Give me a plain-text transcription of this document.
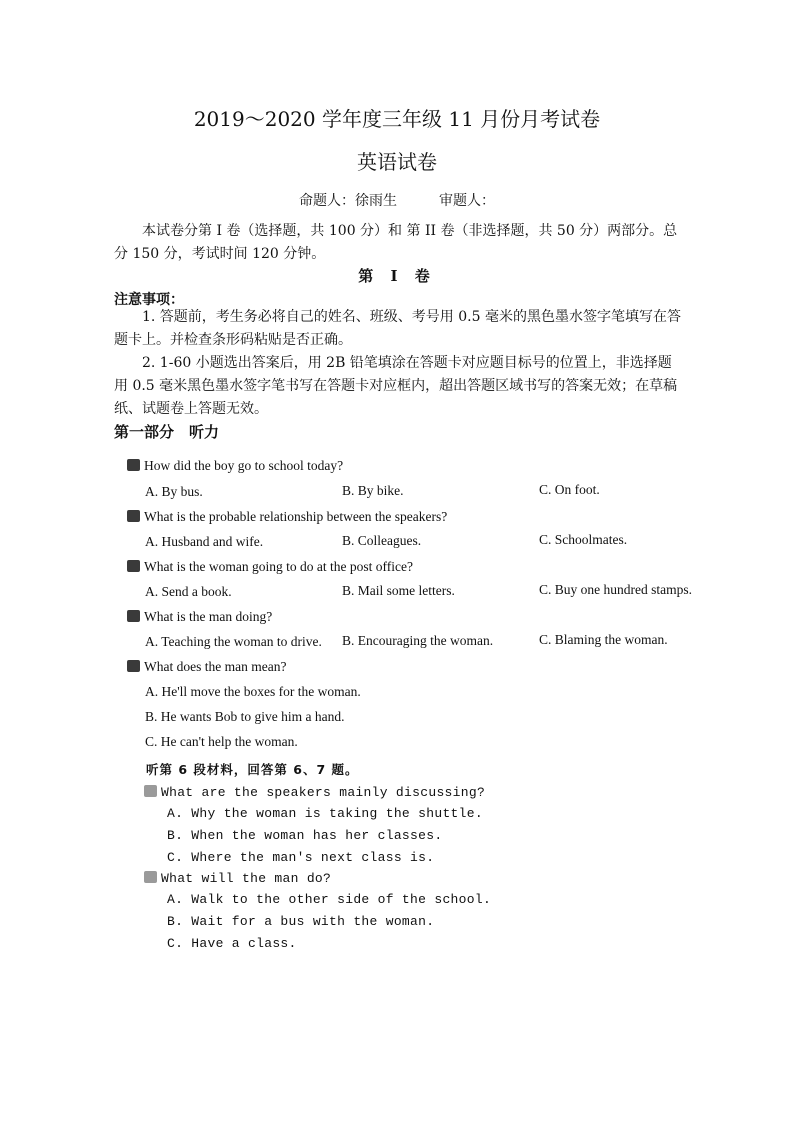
2019～2020 学年度三年级 11 月份月考试卷
英语试卷
命题人：徐雨生	审题人：
本试卷分第 I 卷（选择题，共 100 分）和 第 II 卷（非选择题，共 50 分）两部分。总分 150 分，考试时间 120 分钟。
第 I 卷
注意事项：
1. 答题前，考生务必将自己的姓名、班级、考号用 0.5 毫米的黑色墨水签字笔填写在答题卡上。并检查条形码粘贴是否正确。
2. 1-60 小题选出答案后，用 2B 铅笔填涂在答题卡对应题目标号的位置上，非选择题用 0.5 毫米黑色墨水签字笔书写在答题卡对应框内，超出答题区域书写的答案无效；在草稿纸、试题卷上答题无效。
第一部分　听力
How did the boy go to school today?
A. By bus.	B. By bike.	C. On foot.
What is the probable relationship between the speakers?
A. Husband and wife.	B. Colleagues.	C. Schoolmates.
What is the woman going to do at the post office?
A. Send a book.	B. Mail some letters.	C. Buy one hundred stamps.
What is the man doing?
A. Teaching the woman to drive. B. Encouraging the woman.	C. Blaming the woman.
What does the man mean?
A. He'll move the boxes for the woman.
B. He wants Bob to give him a hand.
C. He can't help the woman.
听第 6 段材料，回答第 6、7 题。
What are the speakers mainly discussing?
A. Why the woman is taking the shuttle.
B. When the woman has her classes.
C. Where the man's next class is.
What will the man do?
A. Walk to the other side of the school.
B. Wait for a bus with the woman.
C. Have a class.
